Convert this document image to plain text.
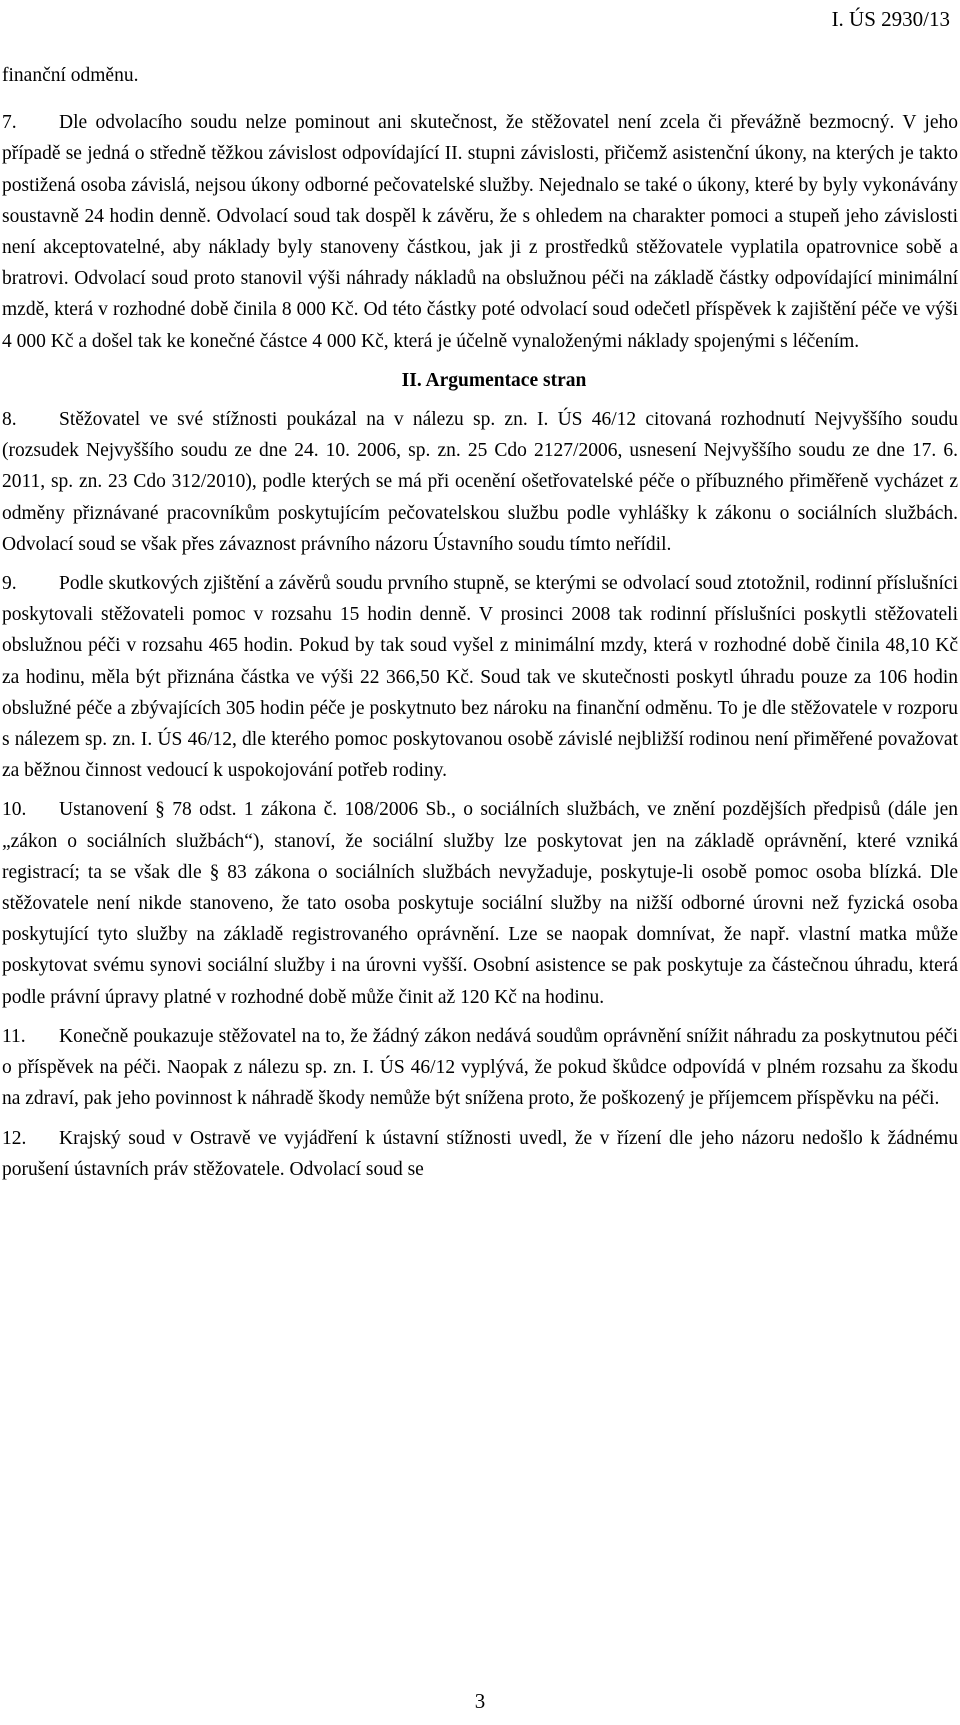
I. ÚS 2930/13

finanční odměnu.

7. Dle odvolacího soudu nelze pominout ani skutečnost, že stěžovatel není zcela či převážně bezmocný. V jeho případě se jedná o středně těžkou závislost odpovídající II. stupni závislosti, přičemž asistenční úkony, na kterých je takto postižená osoba závislá, nejsou úkony odborné pečovatelské služby. Nejednalo se také o úkony, které by byly vykonávány soustavně 24 hodin denně. Odvolací soud tak dospěl k závěru, že s ohledem na charakter pomoci a stupeň jeho závislosti není akceptovatelné, aby náklady byly stanoveny částkou, jak ji z prostředků stěžovatele vyplatila opatrovnice sobě a bratrovi. Odvolací soud proto stanovil výši náhrady nákladů na obslužnou péči na základě částky odpovídající minimální mzdě, která v rozhodné době činila 8 000 Kč. Od této částky poté odvolací soud odečetl příspěvek k zajištění péče ve výši 4 000 Kč a došel tak ke konečné částce 4 000 Kč, která je účelně vynaloženými náklady spojenými s léčením.

II. Argumentace stran

8. Stěžovatel ve své stížnosti poukázal na v nálezu sp. zn. I. ÚS 46/12 citovaná rozhodnutí Nejvyššího soudu (rozsudek Nejvyššího soudu ze dne 24. 10. 2006, sp. zn. 25 Cdo 2127/2006, usnesení Nejvyššího soudu ze dne 17. 6. 2011, sp. zn. 23 Cdo 312/2010), podle kterých se má při ocenění ošetřovatelské péče o příbuzného přiměřeně vycházet z odměny přiznávané pracovníkům poskytujícím pečovatelskou službu podle vyhlášky k zákonu o sociálních službách. Odvolací soud se však přes závaznost právního názoru Ústavního soudu tímto neřídil.

9. Podle skutkových zjištění a závěrů soudu prvního stupně, se kterými se odvolací soud ztotožnil, rodinní příslušníci poskytovali stěžovateli pomoc v rozsahu 15 hodin denně. V prosinci 2008 tak rodinní příslušníci poskytli stěžovateli obslužnou péči v rozsahu 465 hodin. Pokud by tak soud vyšel z minimální mzdy, která v rozhodné době činila 48,10 Kč za hodinu, měla být přiznána částka ve výši 22 366,50 Kč. Soud tak ve skutečnosti poskytl úhradu pouze za 106 hodin obslužné péče a zbývajících 305 hodin péče je poskytnuto bez nároku na finanční odměnu. To je dle stěžovatele v rozporu s nálezem sp. zn. I. ÚS 46/12, dle kterého pomoc poskytovanou osobě závislé nejbližší rodinou není přiměřené považovat za běžnou činnost vedoucí k uspokojování potřeb rodiny.

10. Ustanovení § 78 odst. 1 zákona č. 108/2006 Sb., o sociálních službách, ve znění pozdějších předpisů (dále jen „zákon o sociálních službách“), stanoví, že sociální služby lze poskytovat jen na základě oprávnění, které vzniká registrací; ta se však dle § 83 zákona o sociálních službách nevyžaduje, poskytuje-li osobě pomoc osoba blízká. Dle stěžovatele není nikde stanoveno, že tato osoba poskytuje sociální služby na nižší odborné úrovni než fyzická osoba poskytující tyto služby na základě registrovaného oprávnění. Lze se naopak domnívat, že např. vlastní matka může poskytovat svému synovi sociální služby i na úrovni vyšší. Osobní asistence se pak poskytuje za částečnou úhradu, která podle právní úpravy platné v rozhodné době může činit až 120 Kč na hodinu.

11. Konečně poukazuje stěžovatel na to, že žádný zákon nedává soudům oprávnění snížit náhradu za poskytnutou péči o příspěvek na péči. Naopak z nálezu sp. zn. I. ÚS 46/12 vyplývá, že pokud škůdce odpovídá v plném rozsahu za škodu na zdraví, pak jeho povinnost k náhradě škody nemůže být snížena proto, že poškozený je příjemcem příspěvku na péči.

12. Krajský soud v Ostravě ve vyjádření k ústavní stížnosti uvedl, že v řízení dle jeho názoru nedošlo k žádnému porušení ústavních práv stěžovatele. Odvolací soud se

3
